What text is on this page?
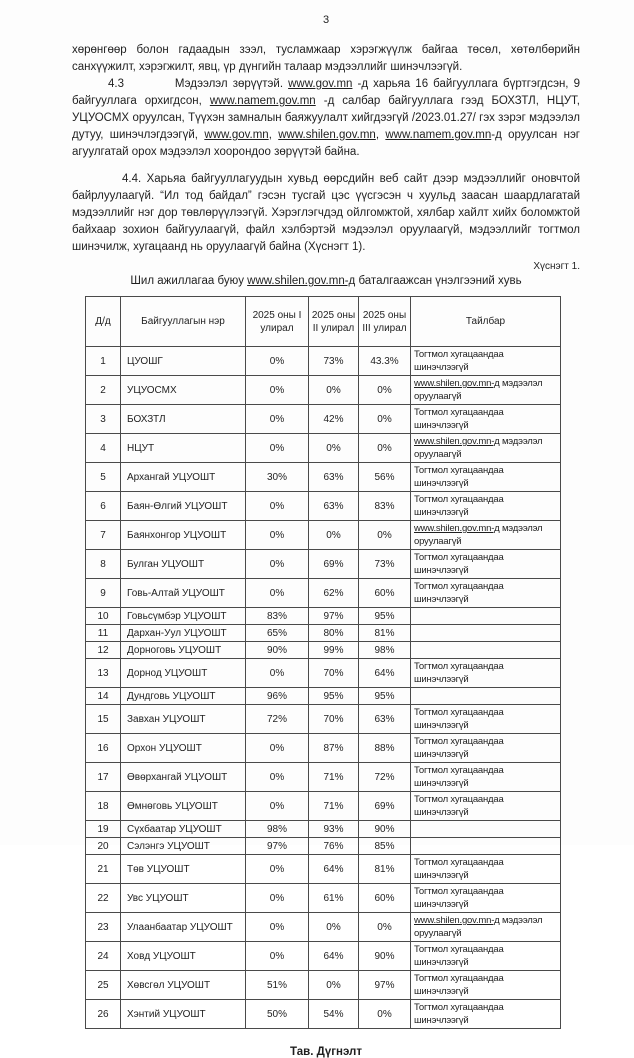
3
хөрөнгөөр болон гадаадын зээл, тусламжаар хэрэгжүүлж байгаа төсөл, хөтөлбөрийн санхүүжилт, хэрэгжилт, явц, үр дүнгийн талаар мэдээллийг шинэчлээгүй.
4.3          Мэдээлэл зөрүүтэй. www.gov.mn -д харьяа 16 байгууллага бүртгэгдсэн, 9 байгууллага орхигдсон, www.namem.gov.mn -д салбар байгууллага гээд БОХЗТЛ, НЦУТ, УЦУОСМХ оруулсан, Түүхэн замналын баяжуулалт хийгдээгүй /2023.01.27/ гэх зэрэг мэдээлэл дутуу, шинэчлэгдээгүй, www.gov.mn, www.shilen.gov.mn, www.namem.gov.mn-д оруулсан нэг агуулгатай орох мэдээлэл хоорондоо зөрүүтэй байна.
4.4. Харьяа байгууллагуудын хувьд өөрсдийн веб сайт дээр мэдээллийг оновчтой байрлуулаагүй. “Ил тод байдал” гэсэн тусгай цэс үүсгэсэн ч хуульд заасан шаардлагатай мэдээллийг нэг дор төвлөрүүлээгүй. Хэрэглэгчдэд ойлгомжтой, хялбар хайлт хийх боломжтой байхаар зохион байгуулаагүй, файл хэлбэртэй мэдээлэл оруулаагүй, мэдээллийг тогтмол шинэчилж, хугацаанд нь оруулаагүй байна (Хүснэгт 1).
Хүснэгт 1.
Шил ажиллагаа буюу www.shilen.gov.mn-д баталгаажсан үнэлгээний хувь
Д/д	Байгууллагын нэр	2025 оны I улирал	2025 оны II улирал	2025 оны III улирал	Тайлбар
1	ЦУОШГ	0%	73%	43.3%	Тогтмол хугацаандаа шинэчлээгүй
2	УЦУОСМХ	0%	0%	0%	www.shilen.gov.mn-д мэдээлэл оруулаагүй
3	БОХЗТЛ	0%	42%	0%	Тогтмол хугацаандаа шинэчлээгүй
4	НЦУТ	0%	0%	0%	www.shilen.gov.mn-д мэдээлэл оруулаагүй
5	Архангай УЦУОШТ	30%	63%	56%	Тогтмол хугацаандаа шинэчлээгүй
6	Баян-Өлгий УЦУОШТ	0%	63%	83%	Тогтмол хугацаандаа шинэчлээгүй
7	Баянхонгор УЦУОШТ	0%	0%	0%	www.shilen.gov.mn-д мэдээлэл оруулаагүй
8	Булган УЦУОШТ	0%	69%	73%	Тогтмол хугацаандаа шинэчлээгүй
9	Говь-Алтай УЦУОШТ	0%	62%	60%	Тогтмол хугацаандаа шинэчлээгүй
10	Говьсүмбэр УЦУОШТ	83%	97%	95%	
11	Дархан-Уул УЦУОШТ	65%	80%	81%	
12	Дорноговь УЦУОШТ	90%	99%	98%	
13	Дорнод УЦУОШТ	0%	70%	64%	Тогтмол хугацаандаа шинэчлээгүй
14	Дундговь УЦУОШТ	96%	95%	95%	
15	Завхан УЦУОШТ	72%	70%	63%	Тогтмол хугацаандаа шинэчлээгүй
16	Орхон УЦУОШТ	0%	87%	88%	Тогтмол хугацаандаа шинэчлээгүй
17	Өвөрхангай УЦУОШТ	0%	71%	72%	Тогтмол хугацаандаа шинэчлээгүй
18	Өмнөговь УЦУОШТ	0%	71%	69%	Тогтмол хугацаандаа шинэчлээгүй
19	Сүхбаатар УЦУОШТ	98%	93%	90%	
20	Сэлэнгэ УЦУОШТ	97%	76%	85%	
21	Төв УЦУОШТ	0%	64%	81%	Тогтмол хугацаандаа шинэчлээгүй
22	Увс УЦУОШТ	0%	61%	60%	Тогтмол хугацаандаа шинэчлээгүй
23	Улаанбаатар УЦУОШТ	0%	0%	0%	www.shilen.gov.mn-д мэдээлэл оруулаагүй
24	Ховд УЦУОШТ	0%	64%	90%	Тогтмол хугацаандаа шинэчлээгүй
25	Хөвсгөл УЦУОШТ	51%	0%	97%	Тогтмол хугацаандаа шинэчлээгүй
26	Хэнтий УЦУОШТ	50%	54%	0%	Тогтмол хугацаандаа шинэчлээгүй
Тав. Дүгнэлт
